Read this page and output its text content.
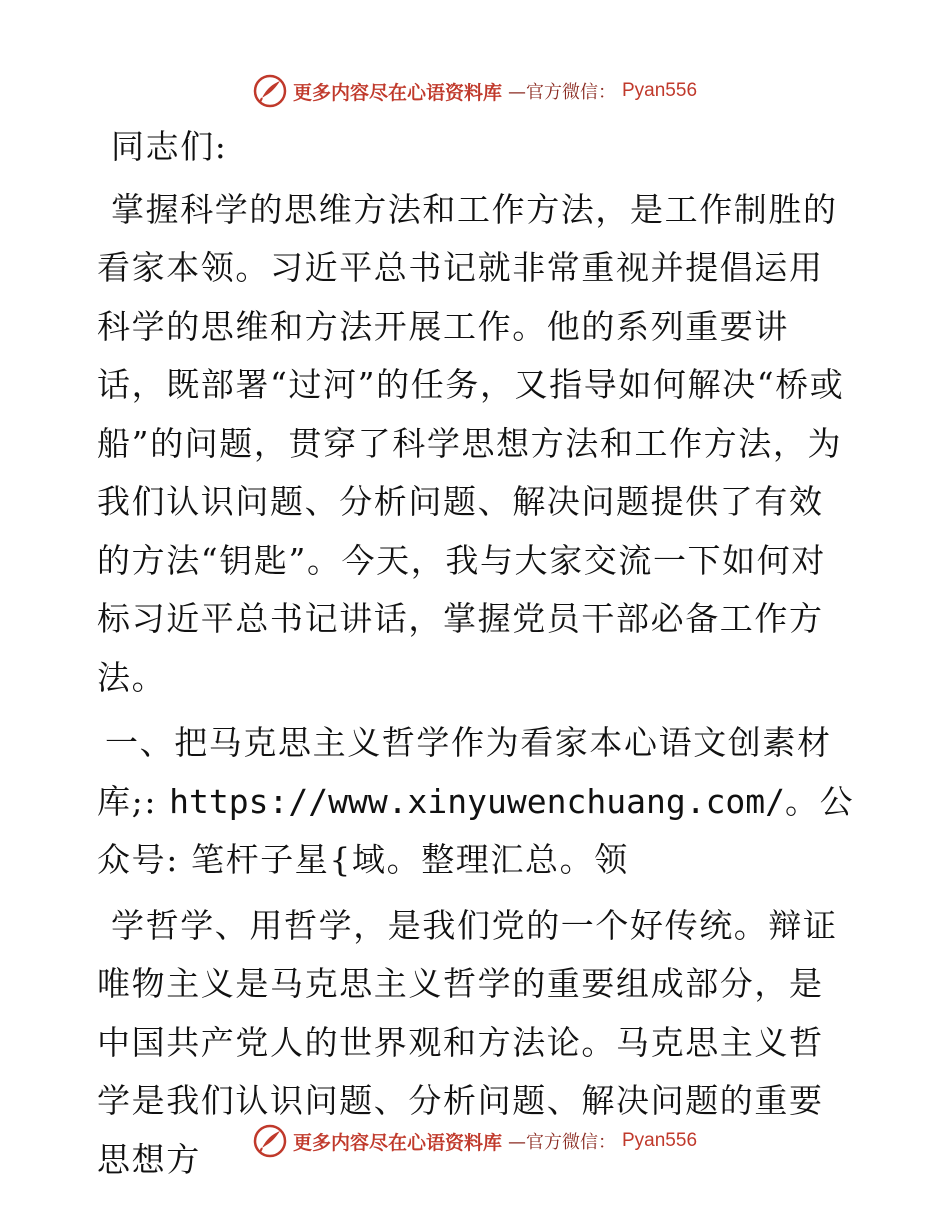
更多内容尽在心语资料库 —官方微信： Pyan556

同志们:

掌握科学的思维方法和工作方法，是工作制胜的看家本领。习近平总书记就非常重视并提倡运用科学的思维和方法开展工作。他的系列重要讲话，既部署“过河”的任务，又指导如何解决“桥或船”的问题，贯穿了科学思想方法和工作方法，为我们认识问题、分析问题、解决问题提供了有效的方法“钥匙”。今天，我与大家交流一下如何对标习近平总书记讲话，掌握党员干部必备工作方法。

一、把马克思主义哲学作为看家本心语文创素材库;: https://www.xinyuwenchuang.com/。公众号: 笔杆子星{域。整理汇总。领

学哲学、用哲学，是我们党的一个好传统。辩证唯物主义是马克思主义哲学的重要组成部分，是中国共产党人的世界观和方法论。马克思主义哲学是我们认识问题、分析问题、解决问题的重要思想方	更多内容尽在心语资料库 —官方微信： Pyan556
